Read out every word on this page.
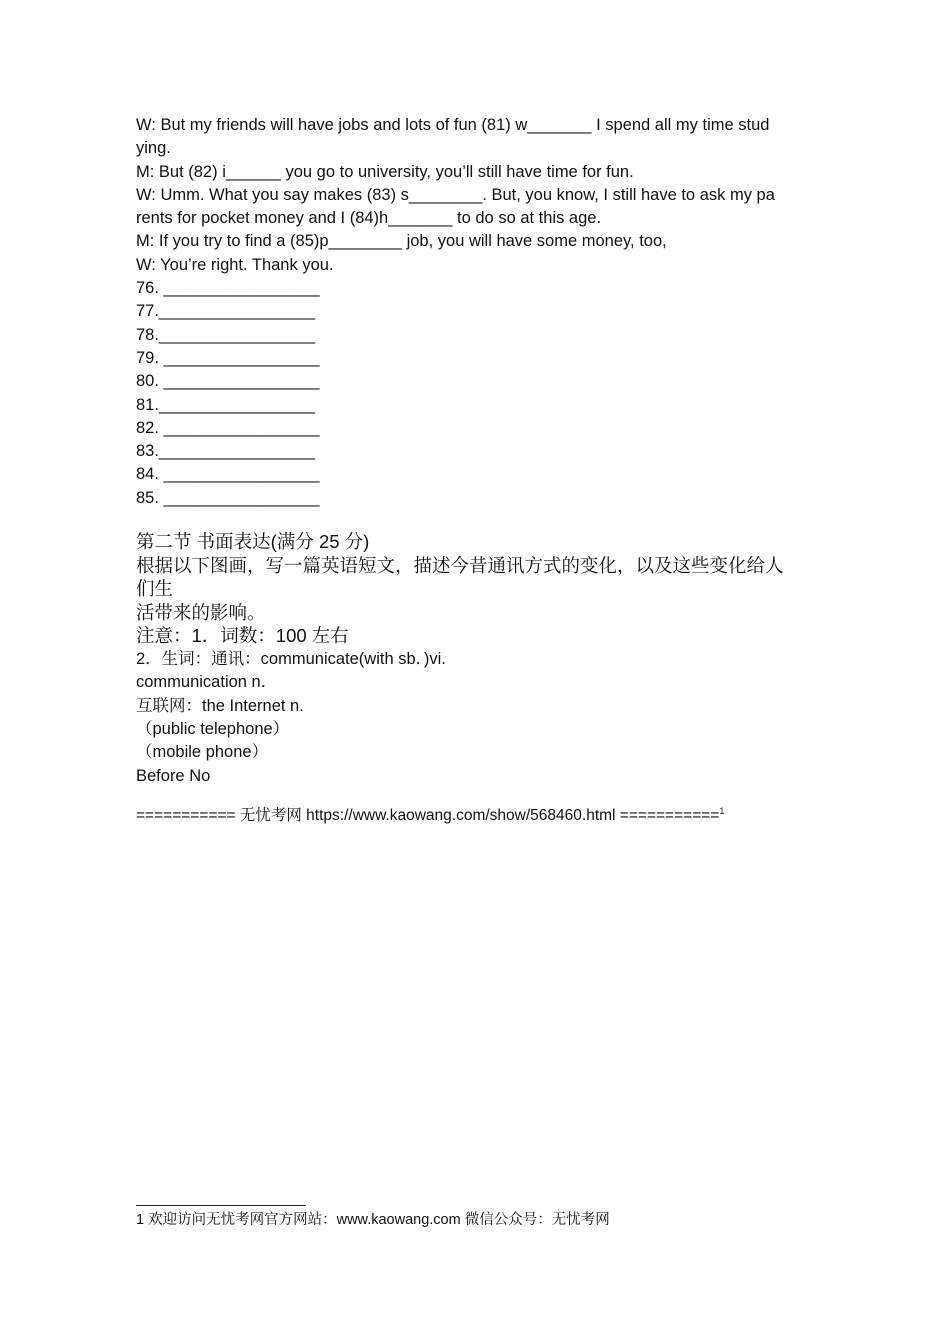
W: But my friends will have jobs and lots of fun (81) w_______ I spend all my time stud
ying.
M: But (82) i______ you go to university, you’ll still have time for fun.
W: Umm. What you say makes (83) s________. But, you know, I still have to ask my pa
rents for pocket money and I (84)h_______ to do so at this age.
M: If you try to find a (85)p________ job, you will have some money, too,
W: You’re right. Thank you.
76. _________________
77._________________
78._________________
79. _________________
80. _________________
81._________________
82. _________________
83._________________
84. _________________
85. _________________
第二节 书面表达(满分 25 分)
根据以下图画，写一篇英语短文，描述今昔通讯方式的变化，以及这些变化给人
们生
活带来的影响。
注意：1．词数：100 左右
2．生词：通讯：communicate(with sb．)vi.
communication n．
互联网：the Internet n.
（public telephone）
（mobile phone）
Before No
=========== 无忧考网 https://www.kaowang.com/show/568460.html ===========$^1$
1 欢迎访问无忧考网官方网站：www.kaowang.com 微信公众号：无忧考网
